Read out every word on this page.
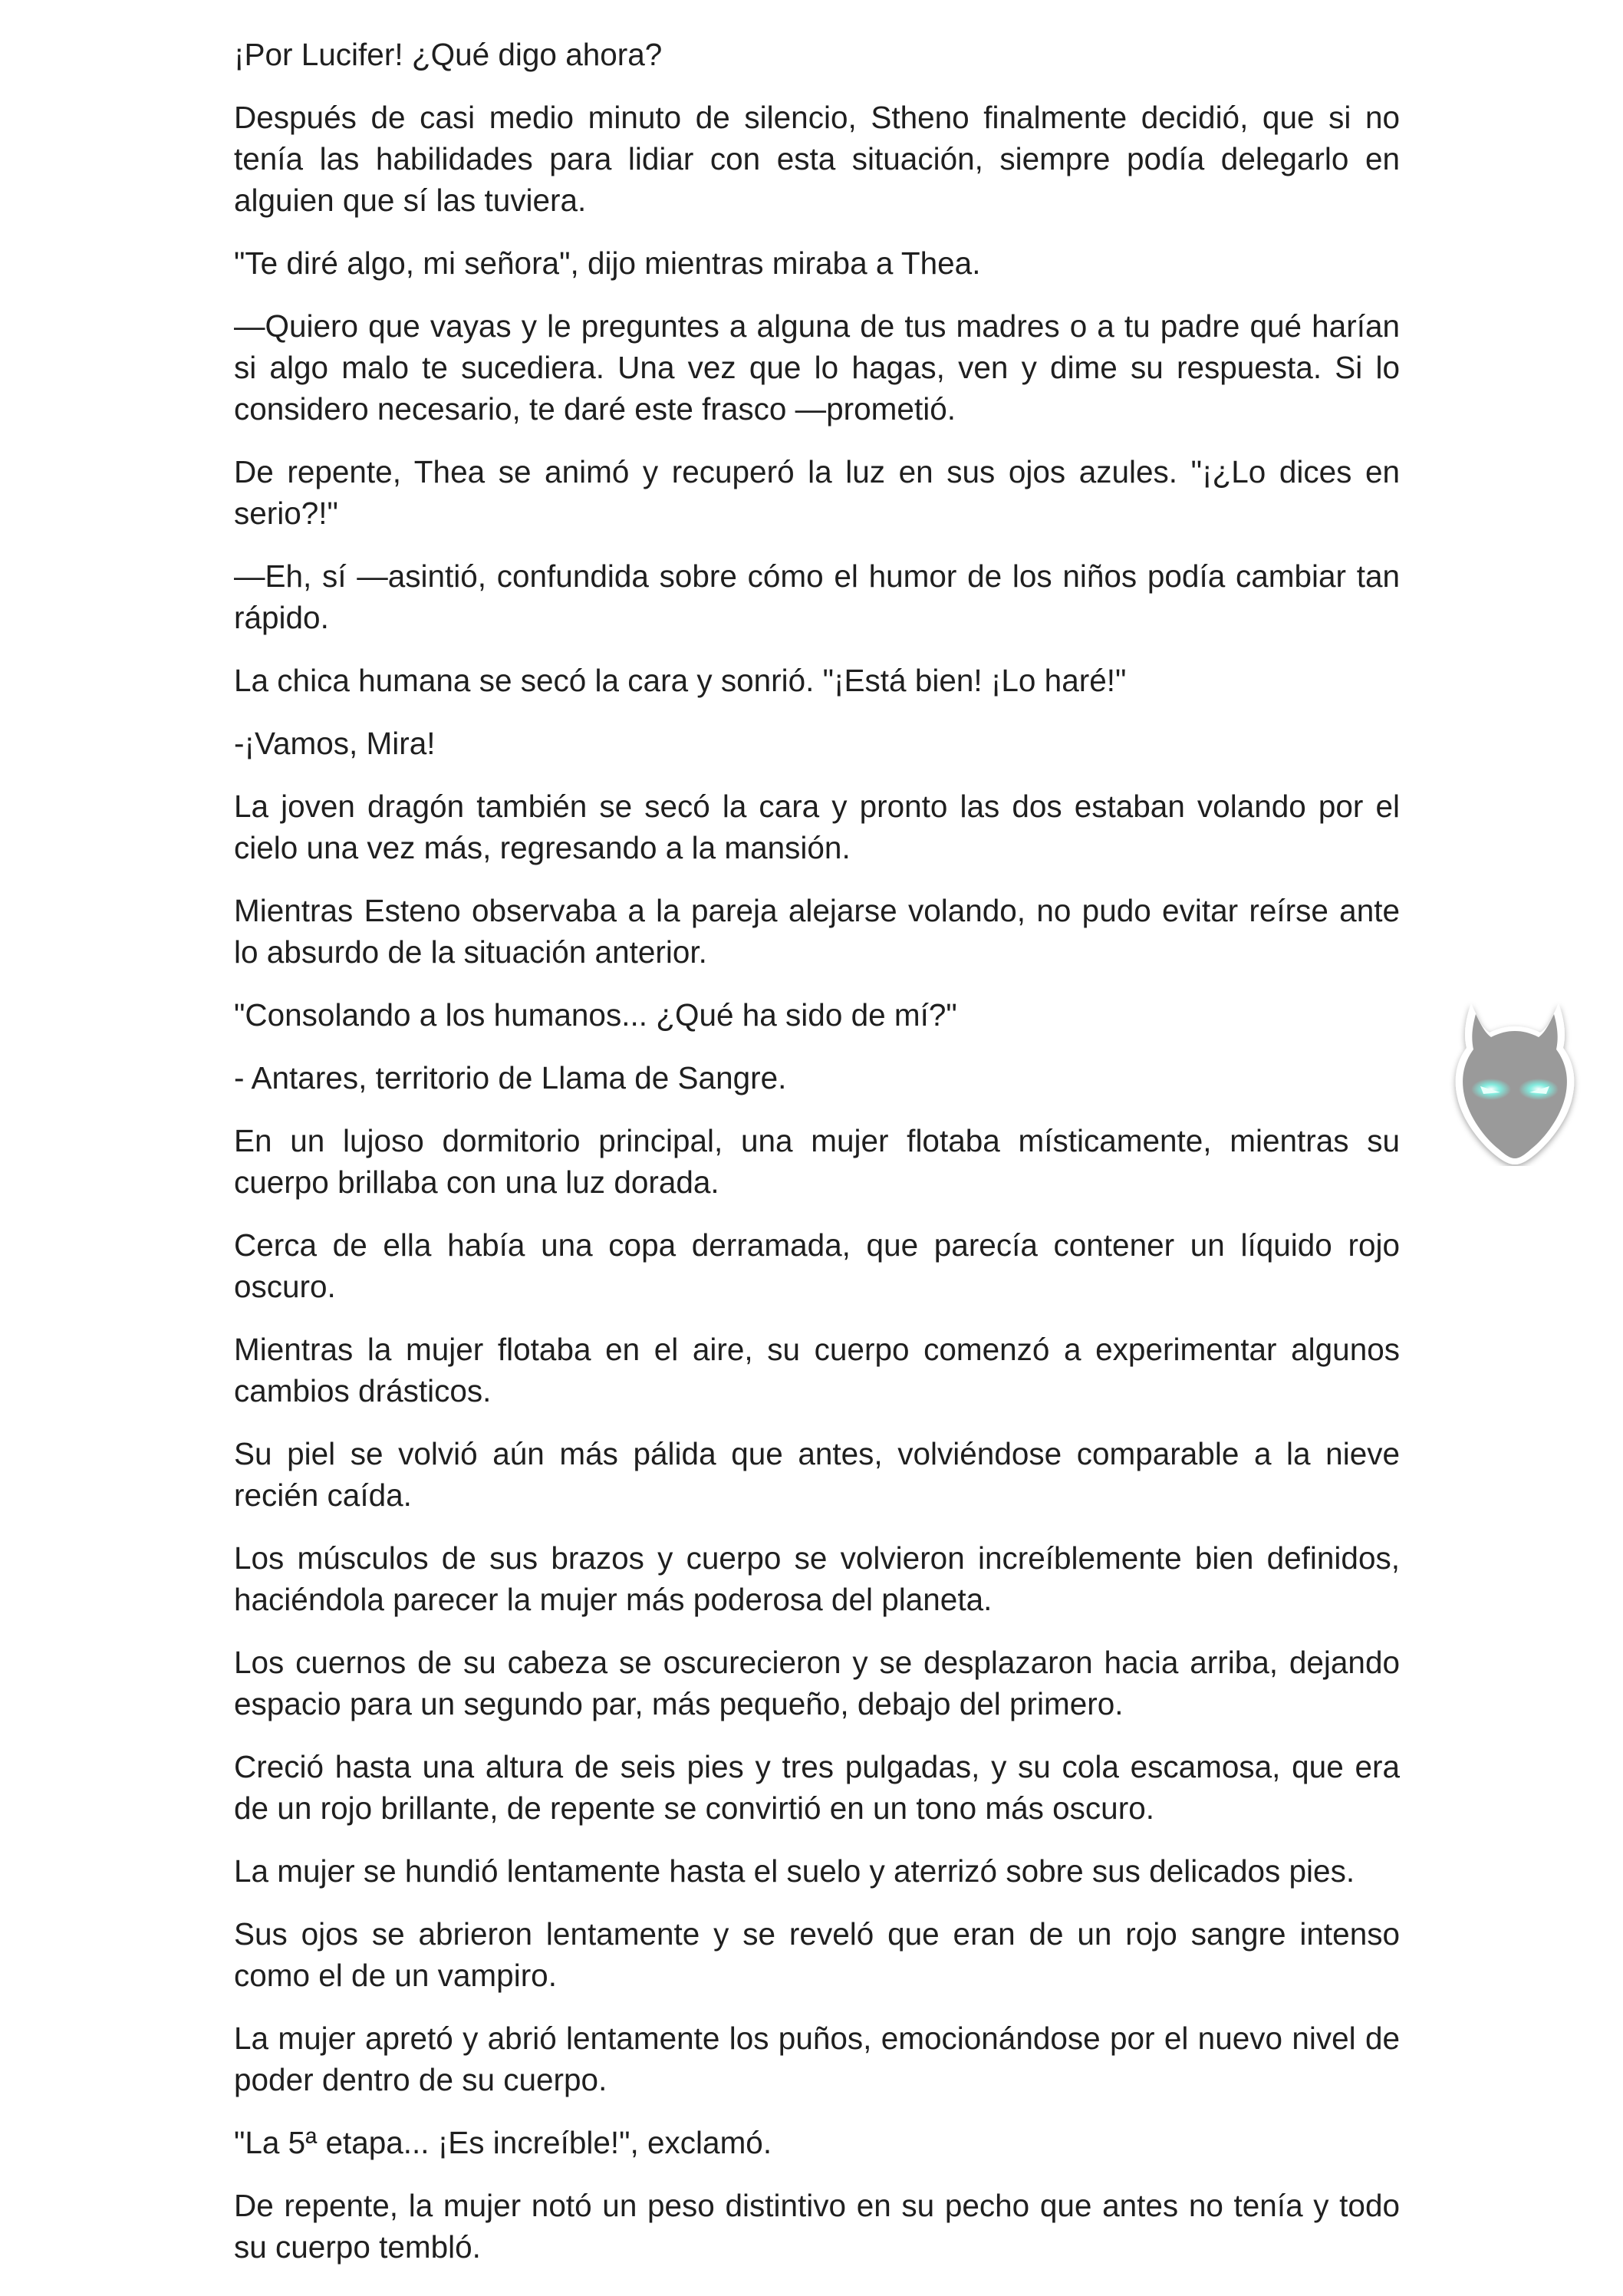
¡Por Lucifer! ¿Qué digo ahora?

Después de casi medio minuto de silencio, Stheno finalmente decidió, que si no tenía las habilidades para lidiar con esta situación, siempre podía delegarlo en alguien que sí las tuviera.

"Te diré algo, mi señora", dijo mientras miraba a Thea.

—Quiero que vayas y le preguntes a alguna de tus madres o a tu padre qué harían si algo malo te sucediera. Una vez que lo hagas, ven y dime su respuesta. Si lo considero necesario, te daré este frasco —prometió.

De repente, Thea se animó y recuperó la luz en sus ojos azules. "¡¿Lo dices en serio?!"

—Eh, sí —asintió, confundida sobre cómo el humor de los niños podía cambiar tan rápido.

La chica humana se secó la cara y sonrió. "¡Está bien! ¡Lo haré!"

-¡Vamos, Mira!

La joven dragón también se secó la cara y pronto las dos estaban volando por el cielo una vez más, regresando a la mansión.

Mientras Esteno observaba a la pareja alejarse volando, no pudo evitar reírse ante lo absurdo de la situación anterior.

"Consolando a los humanos... ¿Qué ha sido de mí?"

- Antares, territorio de Llama de Sangre.

En un lujoso dormitorio principal, una mujer flotaba místicamente, mientras su cuerpo brillaba con una luz dorada.

Cerca de ella había una copa derramada, que parecía contener un líquido rojo oscuro.

Mientras la mujer flotaba en el aire, su cuerpo comenzó a experimentar algunos cambios drásticos.

Su piel se volvió aún más pálida que antes, volviéndose comparable a la nieve recién caída.

Los músculos de sus brazos y cuerpo se volvieron increíblemente bien definidos, haciéndola parecer la mujer más poderosa del planeta.

Los cuernos de su cabeza se oscurecieron y se desplazaron hacia arriba, dejando espacio para un segundo par, más pequeño, debajo del primero.

Creció hasta una altura de seis pies y tres pulgadas, y su cola escamosa, que era de un rojo brillante, de repente se convirtió en un tono más oscuro.

La mujer se hundió lentamente hasta el suelo y aterrizó sobre sus delicados pies.

Sus ojos se abrieron lentamente y se reveló que eran de un rojo sangre intenso como el de un vampiro.

La mujer apretó y abrió lentamente los puños, emocionándose por el nuevo nivel de poder dentro de su cuerpo.

"La 5ª etapa... ¡Es increíble!", exclamó.

De repente, la mujer notó un peso distintivo en su pecho que antes no tenía y todo su cuerpo tembló.
